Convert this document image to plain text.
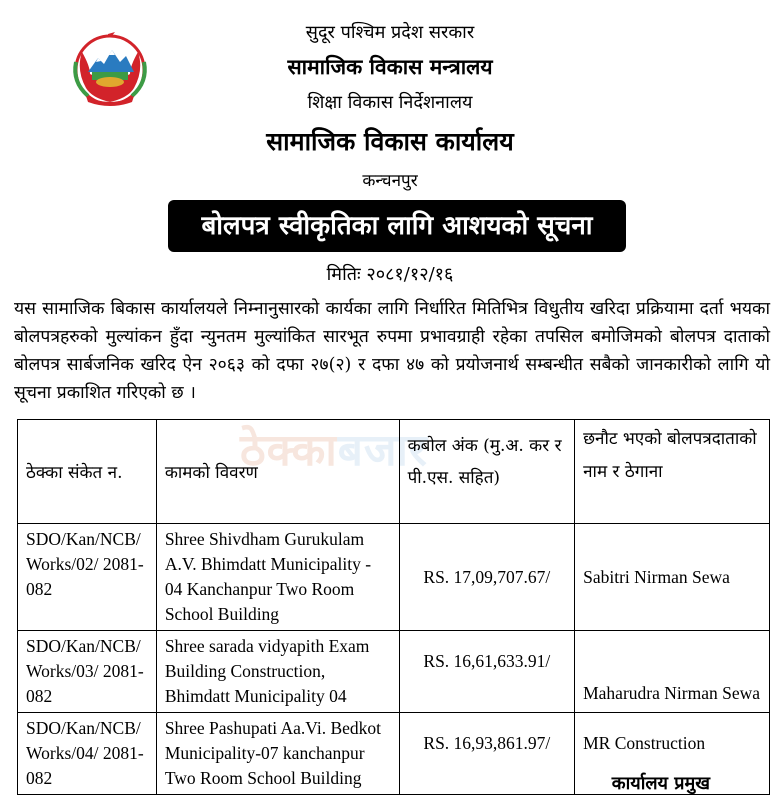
सुदूर पश्चिम प्रदेश सरकार
सामाजिक विकास मन्त्रालय
शिक्षा विकास निर्देशनालय
सामाजिक विकास कार्यालय
कन्चनपुर
बोलपत्र स्वीकृतिका लागि आशयको सूचना
मितिः २०८१/१२/१६
यस सामाजिक बिकास कार्यालयले निम्नानुसारको कार्यका लागि निर्धारित मितिभित्र विधुतीय खरिदा प्रक्रियामा दर्ता भयका बोलपत्रहरुको मुल्यांकन हुँदा न्युनतम मुल्यांकित सारभूत रुपमा प्रभावग्राही रहेका तपसिल बमोजिमको बोलपत्र दाताको बोलपत्र सार्बजनिक खरिद ऐन २०६३ को दफा २७(२) र दफा ४७ को प्रयोजनार्थ सम्बन्धीत सबैको जानकारीको लागि यो सूचना प्रकाशित गरिएको छ ।
ठेक्काबजार
ठेक्का संकेत न.	कामको विवरण	कबोल अंक (मु.अ. कर र पी.एस. सहित)	छनौट भएको बोलपत्रदाताको नाम र ठेगाना
SDO/Kan/NCB/ Works/02/ 2081-082	Shree Shivdham Gurukulam A.V. Bhimdatt Municipality - 04 Kanchanpur Two Room School Building	RS. 17,09,707.67/	Sabitri Nirman Sewa
SDO/Kan/NCB/ Works/03/ 2081-082	Shree sarada vidyapith Exam Building Construction, Bhimdatt Municipality 04	RS. 16,61,633.91/	Maharudra Nirman Sewa
SDO/Kan/NCB/ Works/04/ 2081-082	Shree Pashupati Aa.Vi. Bedkot Municipality-07 kanchanpur Two Room School Building	RS. 16,93,861.97/	MR Construction
कार्यालय प्रमुख
